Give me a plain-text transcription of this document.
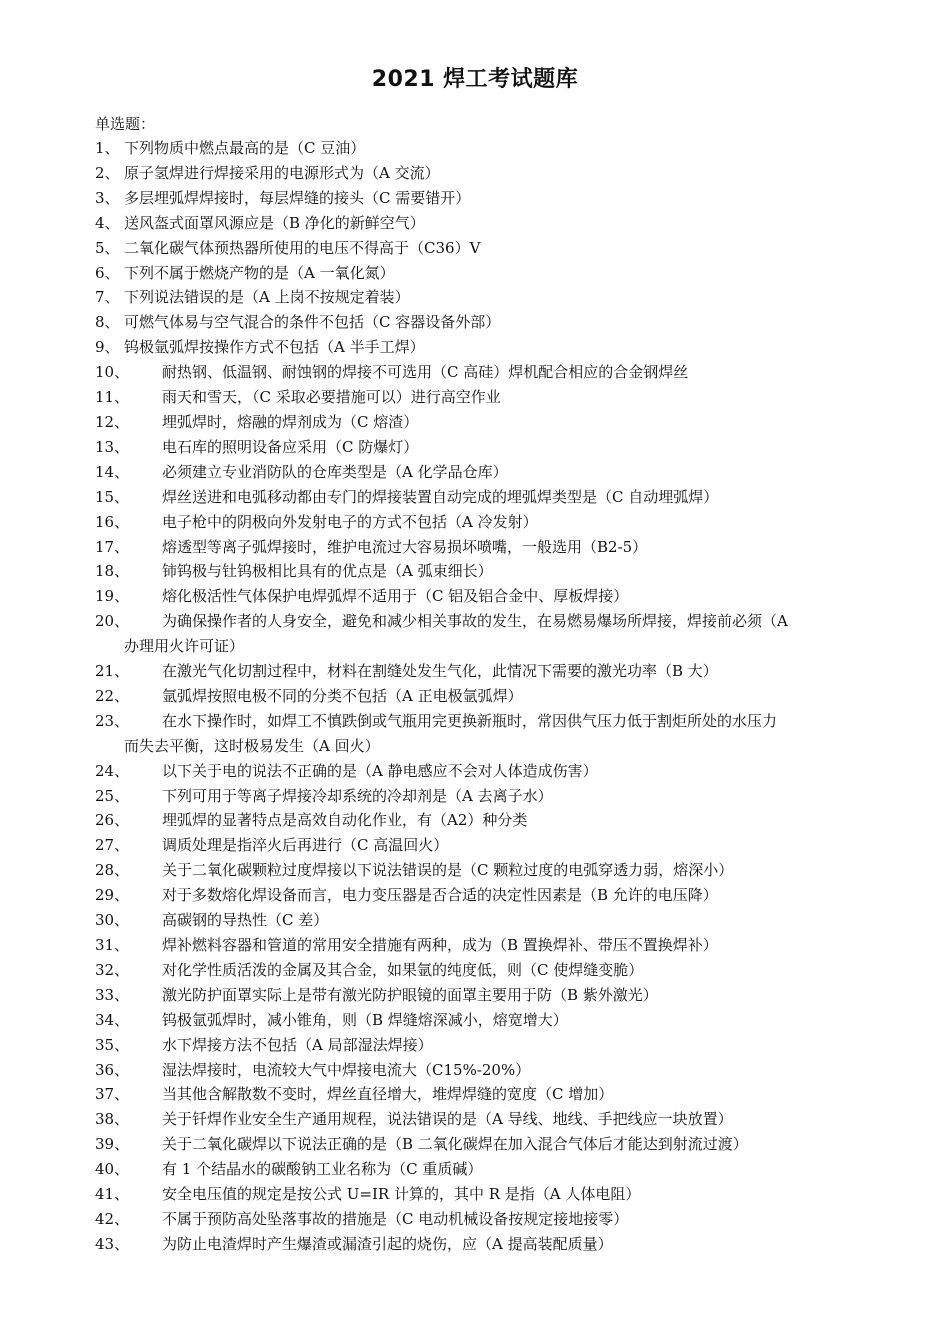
2021 焊工考试题库
单选题：
1、 下列物质中燃点最高的是（C 豆油）
2、 原子氢焊进行焊接采用的电源形式为（A 交流）
3、 多层埋弧焊焊接时，每层焊缝的接头（C 需要错开）
4、 送风盔式面罩风源应是（B 净化的新鲜空气）
5、 二氧化碳气体预热器所使用的电压不得高于（C36）V
6、 下列不属于燃烧产物的是（A 一氧化氮）
7、 下列说法错误的是（A 上岗不按规定着装）
8、 可燃气体易与空气混合的条件不包括（C 容器设备外部）
9、 钨极氩弧焊按操作方式不包括（A 半手工焊）
10、	耐热钢、低温钢、耐蚀钢的焊接不可选用（C 高硅）焊机配合相应的合金钢焊丝
11、	雨天和雪天，（C 采取必要措施可以）进行高空作业
12、	埋弧焊时，熔融的焊剂成为（C 熔渣）
13、	电石库的照明设备应采用（C 防爆灯）
14、	必须建立专业消防队的仓库类型是（A 化学品仓库）
15、	焊丝送进和电弧移动都由专门的焊接装置自动完成的埋弧焊类型是（C 自动埋弧焊）
16、	电子枪中的阴极向外发射电子的方式不包括（A 冷发射）
17、	熔透型等离子弧焊接时，维护电流过大容易损坏喷嘴，一般选用（B2-5）
18、	铈钨极与钍钨极相比具有的优点是（A 弧束细长）
19、	熔化极活性气体保护电焊弧焊不适用于（C 铝及铝合金中、厚板焊接）
20、	为确保操作者的人身安全，避免和减少相关事故的发生，在易燃易爆场所焊接，焊接前必须（A
办理用火许可证）
21、	在激光气化切割过程中，材料在割缝处发生气化，此情况下需要的激光功率（B 大）
22、	氩弧焊按照电极不同的分类不包括（A 正电极氩弧焊）
23、	在水下操作时，如焊工不慎跌倒或气瓶用完更换新瓶时，常因供气压力低于割炬所处的水压力
而失去平衡，这时极易发生（A 回火）
24、	以下关于电的说法不正确的是（A 静电感应不会对人体造成伤害）
25、	下列可用于等离子焊接冷却系统的冷却剂是（A 去离子水）
26、	埋弧焊的显著特点是高效自动化作业，有（A2）种分类
27、	调质处理是指淬火后再进行（C 高温回火）
28、	关于二氧化碳颗粒过度焊接以下说法错误的是（C 颗粒过度的电弧穿透力弱，熔深小）
29、	对于多数熔化焊设备而言，电力变压器是否合适的决定性因素是（B 允许的电压降）
30、	高碳钢的导热性（C 差）
31、	焊补燃料容器和管道的常用安全措施有两种，成为（B 置换焊补、带压不置换焊补）
32、	对化学性质活泼的金属及其合金，如果氩的纯度低，则（C 使焊缝变脆）
33、	激光防护面罩实际上是带有激光防护眼镜的面罩主要用于防（B 紫外激光）
34、	钨极氩弧焊时，减小锥角，则（B 焊缝熔深减小，熔宽增大）
35、	水下焊接方法不包括（A 局部湿法焊接）
36、	湿法焊接时，电流较大气中焊接电流大（C15%-20%）
37、	当其他含解散数不变时，焊丝直径增大，堆焊焊缝的宽度（C 增加）
38、	关于钎焊作业安全生产通用规程，说法错误的是（A 导线、地线、手把线应一块放置）
39、	关于二氧化碳焊以下说法正确的是（B 二氧化碳焊在加入混合气体后才能达到射流过渡）
40、	有 1 个结晶水的碳酸钠工业名称为（C 重质碱）
41、	安全电压值的规定是按公式 U=IR 计算的，其中 R 是指（A 人体电阻）
42、	不属于预防高处坠落事故的措施是（C 电动机械设备按规定接地接零）
43、	为防止电渣焊时产生爆渣或漏渣引起的烧伤，应（A 提高装配质量）
